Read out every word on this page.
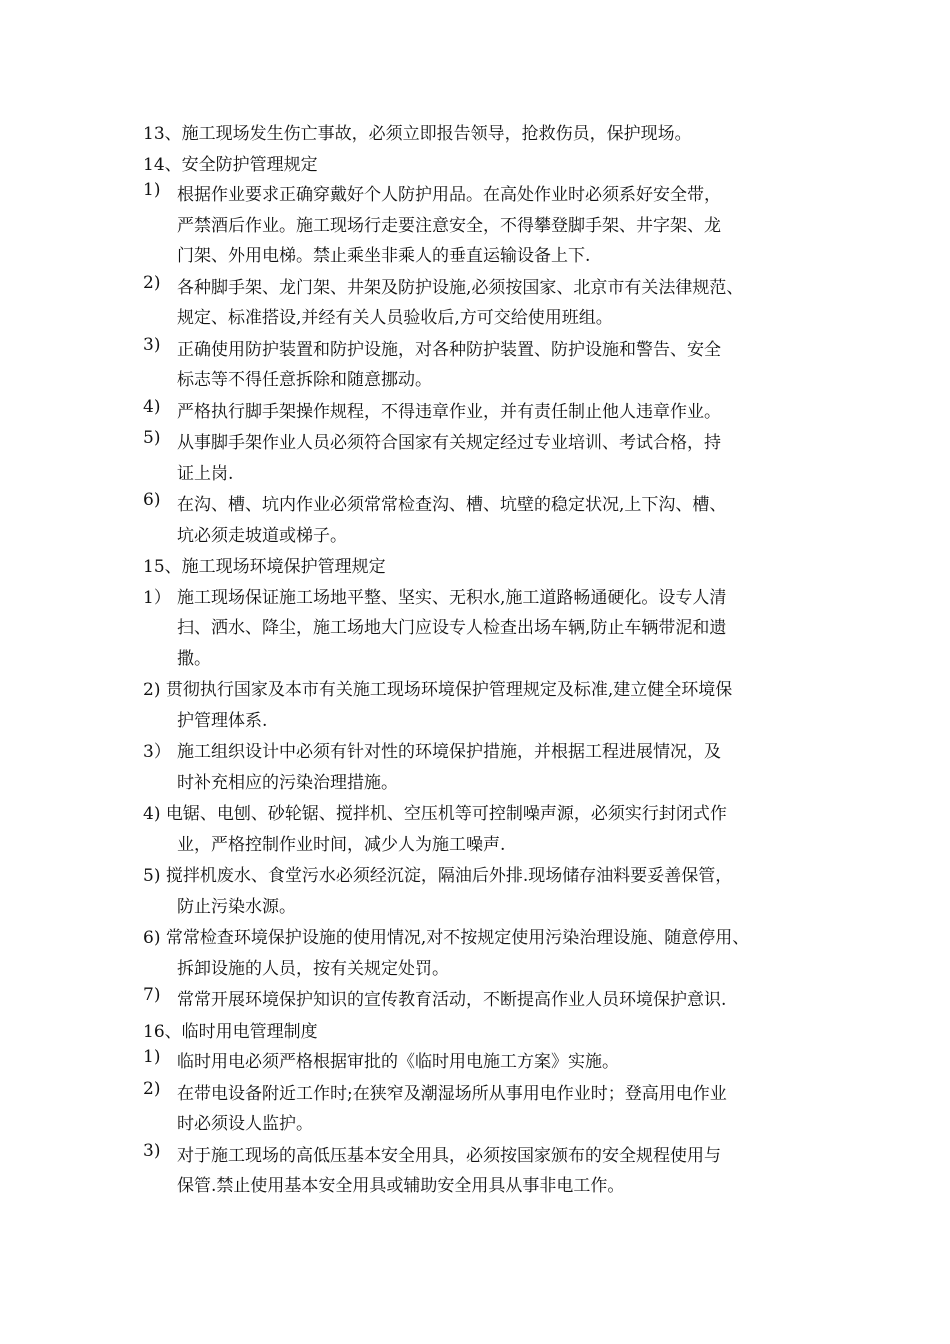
13、施工现场发生伤亡事故，必须立即报告领导，抢救伤员，保护现场。
14、安全防护管理规定
1) 根据作业要求正确穿戴好个人防护用品。在高处作业时必须系好安全带，
严禁酒后作业。施工现场行走要注意安全，不得攀登脚手架、井字架、龙
门架、外用电梯。禁止乘坐非乘人的垂直运输设备上下.
2) 各种脚手架、龙门架、井架及防护设施,必须按国家、北京市有关法律规范、
规定、标准搭设,并经有关人员验收后,方可交给使用班组。
3) 正确使用防护装置和防护设施，对各种防护装置、防护设施和警告、安全
标志等不得任意拆除和随意挪动。
4) 严格执行脚手架操作规程，不得违章作业，并有责任制止他人违章作业。
5) 从事脚手架作业人员必须符合国家有关规定经过专业培训、考试合格，持
证上岗.
6) 在沟、槽、坑内作业必须常常检查沟、槽、坑壁的稳定状况,上下沟、槽、
坑必须走坡道或梯子。
15、施工现场环境保护管理规定
1） 施工现场保证施工场地平整、坚实、无积水,施工道路畅通硬化。设专人清
扫、洒水、降尘，施工场地大门应设专人检查出场车辆,防止车辆带泥和遗
撒。
2) 贯彻执行国家及本市有关施工现场环境保护管理规定及标准,建立健全环境保
护管理体系.
3） 施工组织设计中必须有针对性的环境保护措施，并根据工程进展情况，及
时补充相应的污染治理措施。
4) 电锯、电刨、砂轮锯、搅拌机、空压机等可控制噪声源，必须实行封闭式作
业，严格控制作业时间，减少人为施工噪声.
5) 搅拌机废水、食堂污水必须经沉淀，隔油后外排.现场储存油料要妥善保管，
防止污染水源。
6) 常常检查环境保护设施的使用情况,对不按规定使用污染治理设施、随意停用、
拆卸设施的人员，按有关规定处罚。
7) 常常开展环境保护知识的宣传教育活动，不断提高作业人员环境保护意识.
16、临时用电管理制度
1) 临时用电必须严格根据审批的《临时用电施工方案》实施。
2) 在带电设备附近工作时;在狭窄及潮湿场所从事用电作业时；登高用电作业
时必须设人监护。
3) 对于施工现场的高低压基本安全用具，必须按国家颁布的安全规程使用与
保管.禁止使用基本安全用具或辅助安全用具从事非电工作。
